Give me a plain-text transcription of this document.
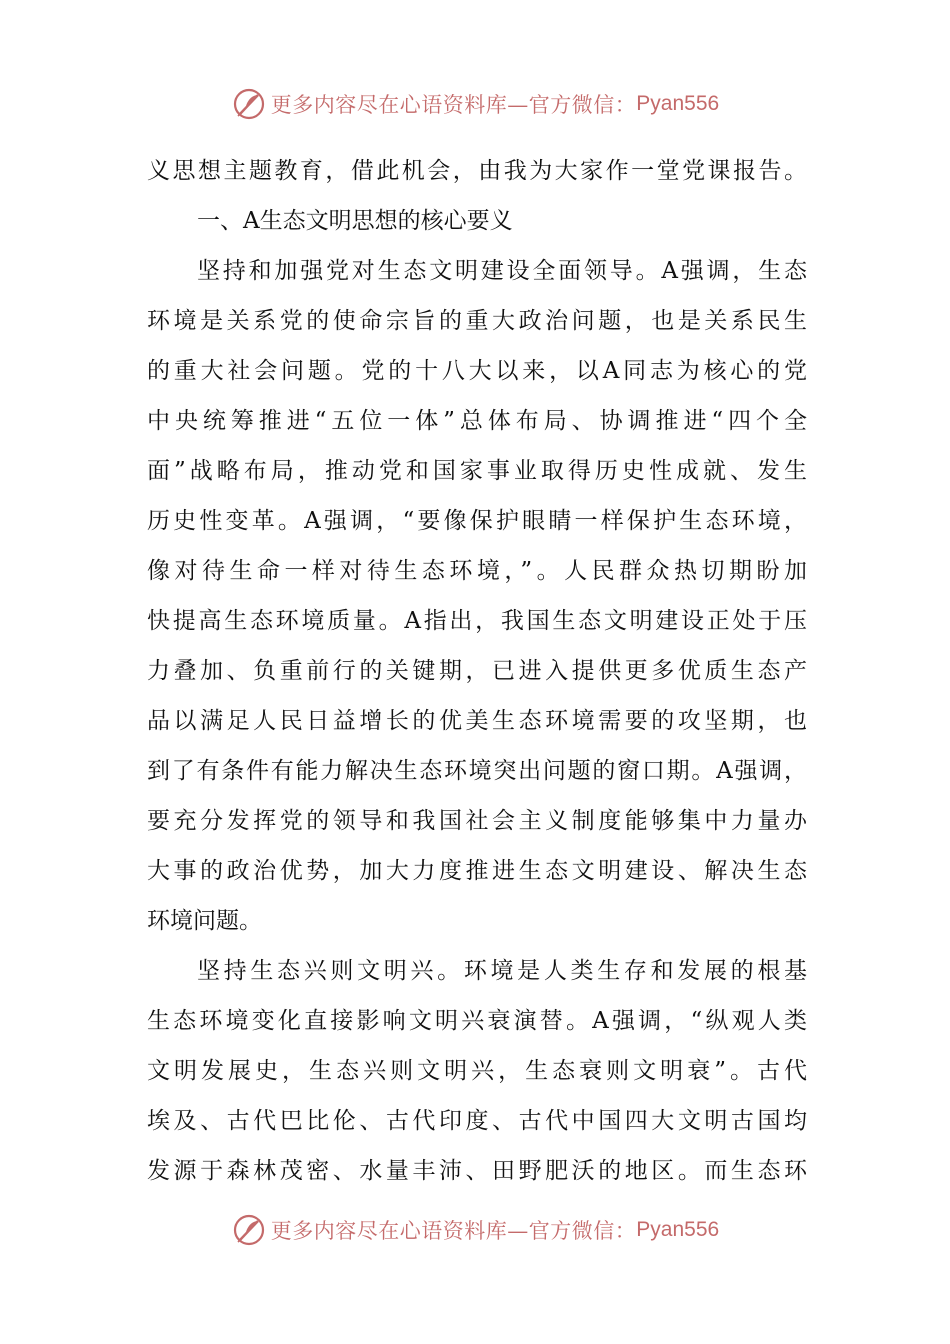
更多内容尽在心语资料库—官方微信： Pyan556
义思想主题教育，借此机会，由我为大家作一堂党课报告。
一、A生态文明思想的核心要义
坚持和加强党对生态文明建设全面领导。A强调，生态
环境是关系党的使命宗旨的重大政治问题，也是关系民生
的重大社会问题。党的十八大以来，以A同志为核心的党
中央统筹推进“五位一体”总体布局、协调推进“四个全
面”战略布局，推动党和国家事业取得历史性成就、发生
历史性变革。A强调，“要像保护眼睛一样保护生态环境，
像对待生命一样对待生态环境，”。人民群众热切期盼加
快提高生态环境质量。A指出，我国生态文明建设正处于压
力叠加、负重前行的关键期，已进入提供更多优质生态产
品以满足人民日益增长的优美生态环境需要的攻坚期，也
到了有条件有能力解决生态环境突出问题的窗口期。A强调，
要充分发挥党的领导和我国社会主义制度能够集中力量办
大事的政治优势，加大力度推进生态文明建设、解决生态
环境问题。
坚持生态兴则文明兴。环境是人类生存和发展的根基
生态环境变化直接影响文明兴衰演替。A强调，“纵观人类
文明发展史，生态兴则文明兴，生态衰则文明衰”。古代
埃及、古代巴比伦、古代印度、古代中国四大文明古国均
发源于森林茂密、水量丰沛、田野肥沃的地区。而生态环
更多内容尽在心语资料库—官方微信： Pyan556
